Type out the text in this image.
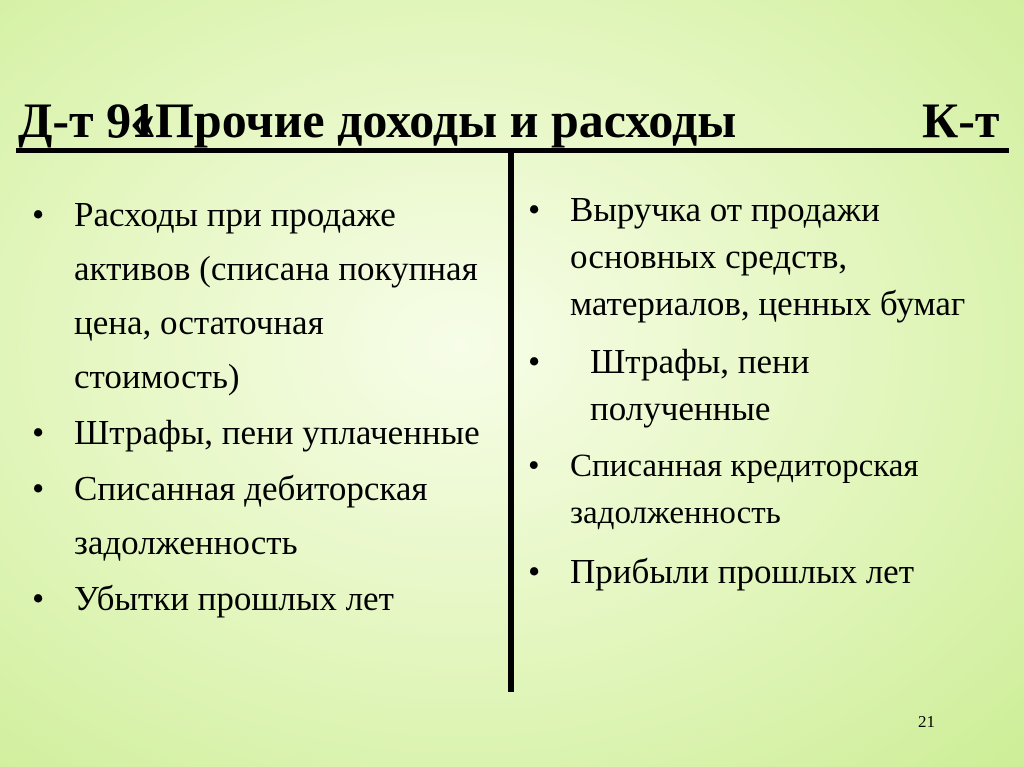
Д-т 91
«Прочие доходы и расходы	К-т
• Расходы при продаже активов (списана покупная цена, остаточная стоимость)
• Штрафы, пени уплаченные
• Списанная дебиторская задолженность
• Убытки прошлых лет
• Выручка от продажи основных средств, материалов, ценных бумаг
• Штрафы, пени полученные
• Списанная кредиторская задолженность
• Прибыли прошлых лет
21
